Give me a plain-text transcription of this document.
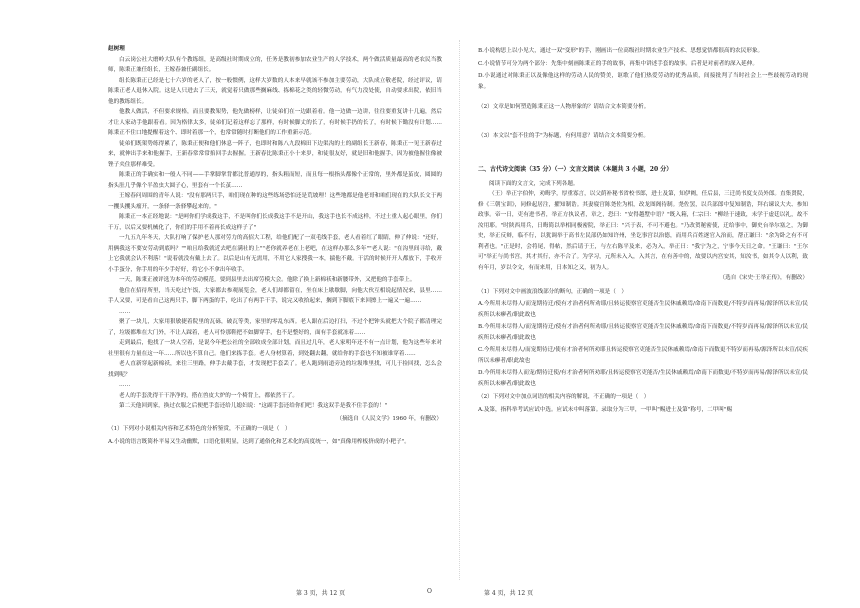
赵树理

白云岗公社大磨岭大队有个教练组，是高级社时期成立的，任务是教初参加农业生产的人学技术，两个做活质量最高的老农民当教师，陈秉正兼任组长，王嫁春兼任副组长。

组长陈秉正已经是七十六岁的老人了，按一般惯例，这样大岁数的人本来早就该不参加主要劳动，大队成立敬老院，经过评议，请陈秉正老人退休入院。这是人只进去了三天，就觉着只做那些搁麻线、拣棉花之类的轻微劳动，有气力没处使，自动要求出院，依旧当他的教练组长。

他教人做活，不但要求规格，而且要教架势，他先做榜样，让徒弟们在一边跟着看。他一边做一边讲，往往要重复讲十几遍，然后才让人家动手他跟着看。因为格律太多，徒弟们记着这样忘了那样，有时候脚丈的长了，有时候手扔的长了，有时候下锄没有计划……陈秉正不住口地提醒着这个、即时着那一个，也常常随时打断他们的工作重新示范。

徒弟们既架势练得累了，陈秉正便和他们休息一阵子，也即时和陈八九段棉田下边渠沟的土的副组长王新春，陈秉正一见王新春过来，就伸出手来和他握手，王新春常常常掐回手去握握。王新春比陈秉正小十来岁，和徒很友好，就是旧和他握手，因为被他握住像被锉子夹住那样难受。

陈秉正的手确实和一般人不同——手掌脚掌背都比普通厚的，指头粗而短，而且每一根指头都像个正常的，里外都是茧皮，圆圆的指头肚几乎像个半盈虫大圆子心，里套有一个长茧……

王嫁春问周围的青年人说："没有那两只手，咱们现在种的这些练场恐怕还是荒坡理！这些地都是他老哥和咱们现在的大队长文于两一攫头攫头瘤开，一条驿一条驿攀起来的。"

陈秉正一本正经地说："是呵你们学成我这手，不是叫你们长成我这手不是开山，我这手也长不成这样，不过土重人起心眼里，你们千万，以后又要机械化了，你们的手用不着再长成这样子了"

一九五九年冬天，大队打响了保护老人那对劳力的高招大工程，给他们配了一双毛线手套，老人看着红了眼睛，伸了伸说："还好，用俩我这不要安劳动到底吗？""咱且给我就近去吧在满社的上""老你就养老在上老吧，在这样办那么多年""老人说："在沟里间寻给，戴上它我就会认不利落！"说着就没有戴上去了。以后是山有无需用，不用它人家搜我一本，揣他不戴。干活的时候开开人都放下，手收开小手蛋分，你手用的年少手好好，将它小不拿出年收手。

一天，陈秉正被评选为本年的劳动模范，要到县里去出席劳模大会。他除了换上新棉袄和新腰带外，又把他的手套带上。

他住在招待所里，当天吃过午饭，大家都去参观展览会，老人们却都留在，坐在床上歇歇脚，向他大伙互相说起情况来，县里……手人又要，可是看自己这两只手，脚下两蛋的手，吃出了有两手干手，说完又收拾起来，搁到下脚底下来回擦上一遍又一遍……

……

聚了一块儿，大家用狠敏捷着院里的瓦砾，破瓦等类，家里的零乱东西。老人跟在后边打扫，不过个把钟头就把大个院子都清理完了，垃圾都堆在大门外，不让人踩着，老人可怜那鞋把不如脚穿手，也不是整好的，面有手套就冻着……

走到最后，他找了一块人空着，是说今年把公社的全部收成全部计划，而且过几年，老人家明年还不有一点计划，他为这些年来对社里很有力量在这一年……所以也不算自己。他们来拣手套。老人身材算着，到处翻去翻，就给你的手套也不知被谁穿着……

老人直新穿起新棉袄，来往三里路，伸手去戴手套，才发现把手套丢了。老人跑到雨道旁边的垃圾堆里找，可儿于捡回找，怎么会找到呢？

……

老人的手套洗得干干净净的，搭在兽皮大炉的一个椅背上，都依然干了。

第二天他回到家，换过衣服之后便把手套还给儿媳妇说："这副手套还给你们吧！我这双手是我不住手套的！"

（摘选自《人民文学》1960 年，有删改）

（1）下列对小说相关内容和艺术特色的分析鉴赏，不正确的一项是（　）

A.小说的语言既简朴平易又生动幽默，口语化很明显，达到了通俗化和艺术化的高度统一，如"真像用榨板挤成的小粑子"。

B.小说构思上以小见大，通过一双"变形"的手，刚画出一位高级社时期农业生产技术、思想觉悟都很高的农民形象。

C.小说情节可分为两个部分：先集中刻画陈秉正的手的故事，再集中讲述手套的故事。后者是对前者的深入延伸。

D.小说通过对陈秉正以及像他这样的劳动人民的赞美，讴歌了他们热爱劳动的优秀品质，间接批判了当时社会上一些歧视劳动的现象。

（2）文章是如何塑造陈秉正这一人物形象的？请结合文本简要分析。

（3）本文以"套不住的手"为标题，有何用意？请结合文本简要分析。

二、古代诗文阅读（35 分）（一）文言文阅读（本题共 3 小题，20 分）

阅读下面的文言文，完成下列各题。

（王）举正字伯仲，劝晦学，厚重寡言，以父荫补秘书省校书郎，进士及第，知伊阙，任后县，三迁尚书度支员外郎。直集贤院，修《三朝宝训》，同修起居注，擢知制诰。其妻寝宫陈尧佐为相，改龙图阁待制。尧佐罢，以兵部郎中复知制诰，拜右谏议大夫、参知政事。帝一日，吏有进书者，举正方执议者，章之，恐曰："安得越墅中语？"既入箱，仁宗曰："柳经于速致，未学于虚廷以礼，故不汝用耶。"时陕西用兵，日晦简以举相同极密院，举正曰："兴于表，不可不避也。"乃改贺秘密使，迁给事中，御史台举尔塞之，为御史，举正反辩，临不行，以犹调举于高书左民部仍如知许州，坐讫事宫以治德，而用兵百姓逐官入治而，帮正谦曰："余为卧之有不可利者也。"正是时，会将尾，得帖，然后请于王，与左右陈平及来，必为入，举正曰："我宁为之，宁事今天日之命。"王谦曰："王尔可"举正与尚书宫，其才其行，亦不合了。为学习，元所未入入，入其言，在有善中的，故要以内宫安其，知汝书，如其令人以利，致有年月，岁以令文，有而来用，日本知之又，初为人。

（选自《宋史·王举正传》，有删改）

（1）下列对文中画波浪线部分的断句，正确的一项是（　）

A.今所用未尽得人/而宠期待迁/使有才治者何所劝耶/且转运使察官吏能否生民休戚赖焉/命南下而数更/不特岁而再易/源泽所以未宣/民疾所以未瘳者/职此故也

B.今所用未尽得人/而宠期待迁/使有才治者何所劝耶/且转运使察官吏能否生民休戚赖焉/命南下而数更/不特岁而再易/源泽所以未宣/民疾所以未瘳者/职此故也

C.今所用未尽得人/而宠期待迁/使有才治者何所劝耶且转运使察官吏能否生民休戚赖焉/命南下而数更不特岁而再易/源泽所以未宣/民疾所以未瘳者/职此故也

D.今所用未尽得人而宠/期待迁使/有才治者何所劝耶/且转运使察官吏能否/生民休戚赖焉/命南下而数更/不特岁而再易/源泽所以未宣/民疾所以未瘳者/职此故也

（2）下列对文中加点词语的相关内容的解说，不正确的一项是（　）

A.及第，指科举考试应试中选。应试未中叫落第。录取分为三甲，一甲叫"赐进士及第"称号，二甲叫"赐

第 3 页，共 12 页	O	第 4 页，共 12 页
